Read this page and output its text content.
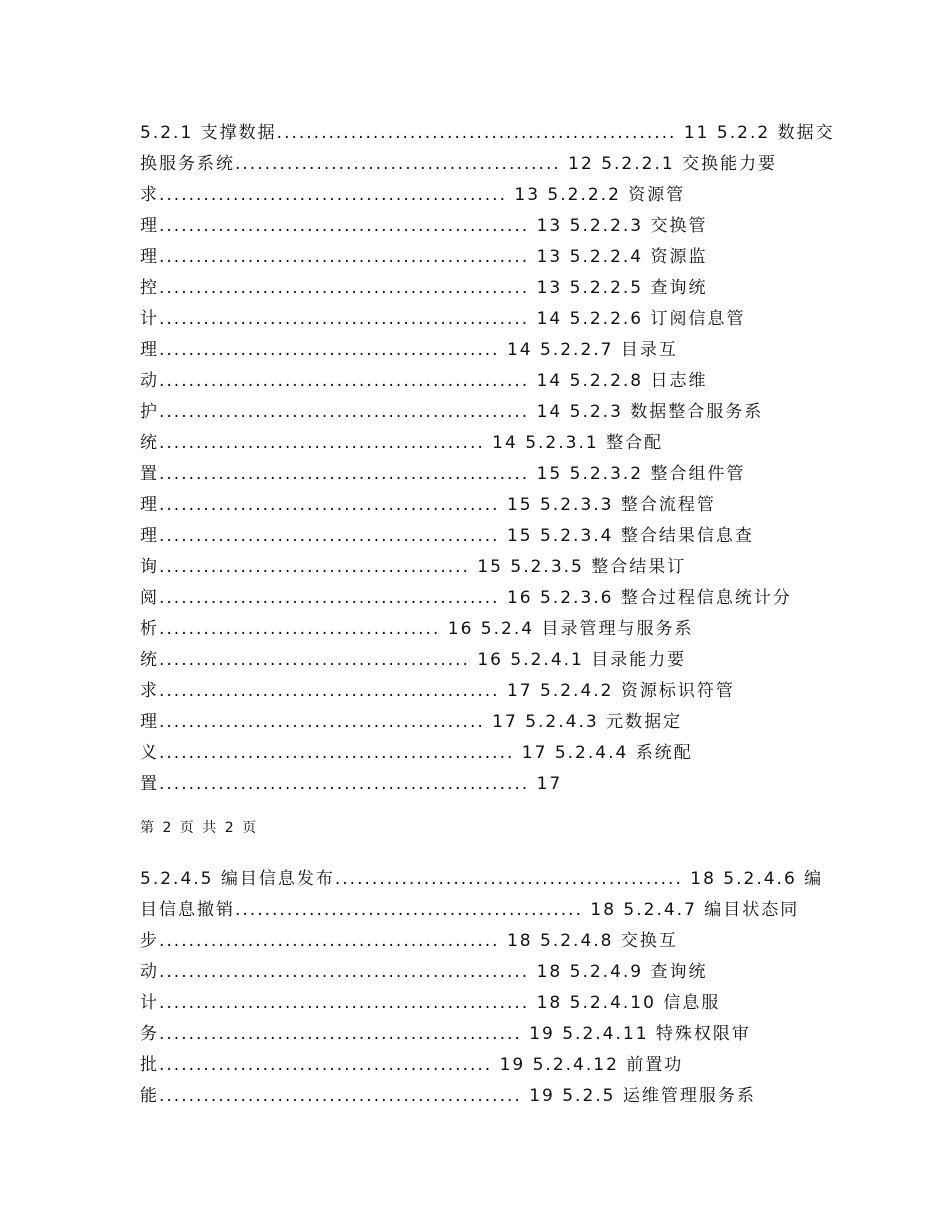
5.2.1 支撑数据...................................................... 11 5.2.2 数据交
换服务系统............................................ 12 5.2.2.1 交换能力要
求............................................... 13 5.2.2.2 资源管
理.................................................. 13 5.2.2.3 交换管
理.................................................. 13 5.2.2.4 资源监
控.................................................. 13 5.2.2.5 查询统
计.................................................. 14 5.2.2.6 订阅信息管
理.............................................. 14 5.2.2.7 目录互
动.................................................. 14 5.2.2.8 日志维
护.................................................. 14 5.2.3 数据整合服务系
统............................................ 14 5.2.3.1 整合配
置.................................................. 15 5.2.3.2 整合组件管
理.............................................. 15 5.2.3.3 整合流程管
理.............................................. 15 5.2.3.4 整合结果信息查
询.......................................... 15 5.2.3.5 整合结果订
阅.............................................. 16 5.2.3.6 整合过程信息统计分
析...................................... 16 5.2.4 目录管理与服务系
统.......................................... 16 5.2.4.1 目录能力要
求.............................................. 17 5.2.4.2 资源标识符管
理............................................ 17 5.2.4.3 元数据定
义................................................ 17 5.2.4.4 系统配
置.................................................. 17
第 2 页 共 2 页
5.2.4.5 编目信息发布............................................... 18 5.2.4.6 编
目信息撤销............................................... 18 5.2.4.7 编目状态同
步.............................................. 18 5.2.4.8 交换互
动.................................................. 18 5.2.4.9 查询统
计.................................................. 18 5.2.4.10 信息服
务................................................. 19 5.2.4.11 特殊权限审
批............................................. 19 5.2.4.12 前置功
能................................................. 19 5.2.5 运维管理服务系
